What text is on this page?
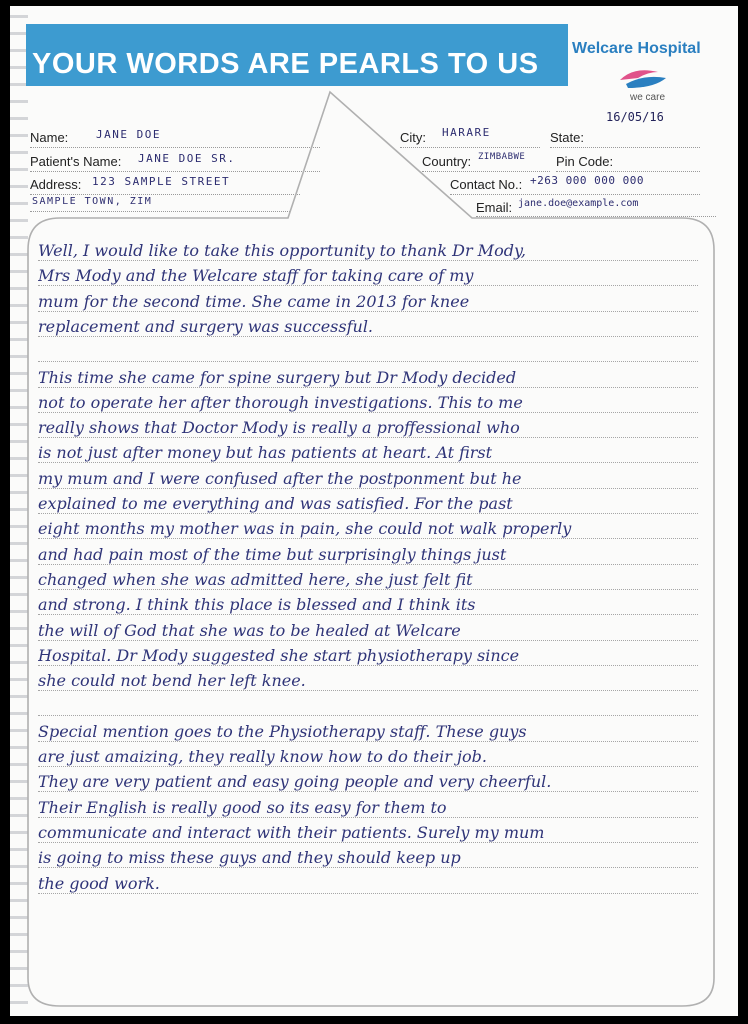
YOUR WORDS ARE PEARLS TO US Welcare Hospital
we care
16/05/16
Name:	JANE DOE
Patient's Name: JANE DOE SR.
Address: 123 SAMPLE STREET
SAMPLE TOWN, ZIM
City: HARARE	State:
Country: ZIMBABWE Pin Code:
Contact No.: +263 000 000 000
Email: jane.doe@example.com
Well, I would like to take this opportunity to thank Dr Mody,
Mrs Mody and the Welcare staff for taking care of my
mum for the second time. She came in 2013 for knee
replacement and surgery was successful.
This time she came for spine surgery but Dr Mody decided
not to operate her after thorough investigations. This to me
really shows that Doctor Mody is really a proffessional who
is not just after money but has patients at heart. At first
my mum and I were confused after the postponment but he
explained to me everything and was satisfied. For the past
eight months my mother was in pain, she could not walk properly
and had pain most of the time but surprisingly things just
changed when she was admitted here, she just felt fit
and strong. I think this place is blessed and I think its
the will of God that she was to be healed at Welcare
Hospital. Dr Mody suggested she start physiotherapy since
she could not bend her left knee.
Special mention goes to the Physiotherapy staff. These guys
are just amaizing, they really know how to do their job.
They are very patient and easy going people and very cheerful.
Their English is really good so its easy for them to
communicate and interact with their patients. Surely my mum
is going to miss these guys and they should keep up
the good work.
